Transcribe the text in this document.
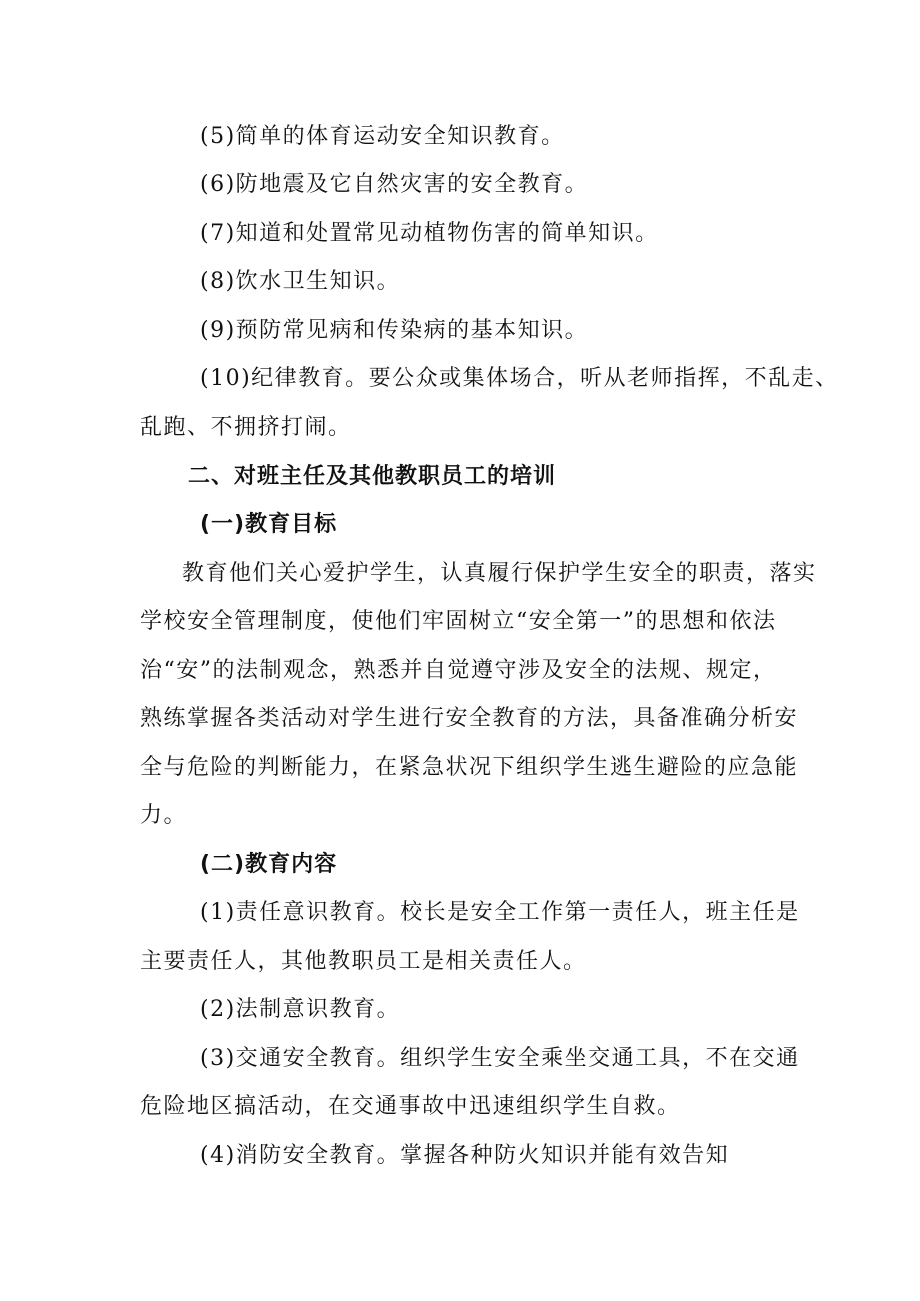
(5)简单的体育运动安全知识教育。
(6)防地震及它自然灾害的安全教育。
(7)知道和处置常见动植物伤害的简单知识。
(8)饮水卫生知识。
(9)预防常见病和传染病的基本知识。
(10)纪律教育。要公众或集体场合，听从老师指挥，不乱走、
乱跑、不拥挤打闹。
二、对班主任及其他教职员工的培训
(一)教育目标
教育他们关心爱护学生，认真履行保护学生安全的职责，落实
学校安全管理制度，使他们牢固树立“安全第一”的思想和依法
治“安”的法制观念，熟悉并自觉遵守涉及安全的法规、规定，
熟练掌握各类活动对学生进行安全教育的方法，具备准确分析安
全与危险的判断能力，在紧急状况下组织学生逃生避险的应急能
力。
(二)教育内容
(1)责任意识教育。校长是安全工作第一责任人，班主任是
主要责任人，其他教职员工是相关责任人。
(2)法制意识教育。
(3)交通安全教育。组织学生安全乘坐交通工具，不在交通
危险地区搞活动，在交通事故中迅速组织学生自救。
(4)消防安全教育。掌握各种防火知识并能有效告知
